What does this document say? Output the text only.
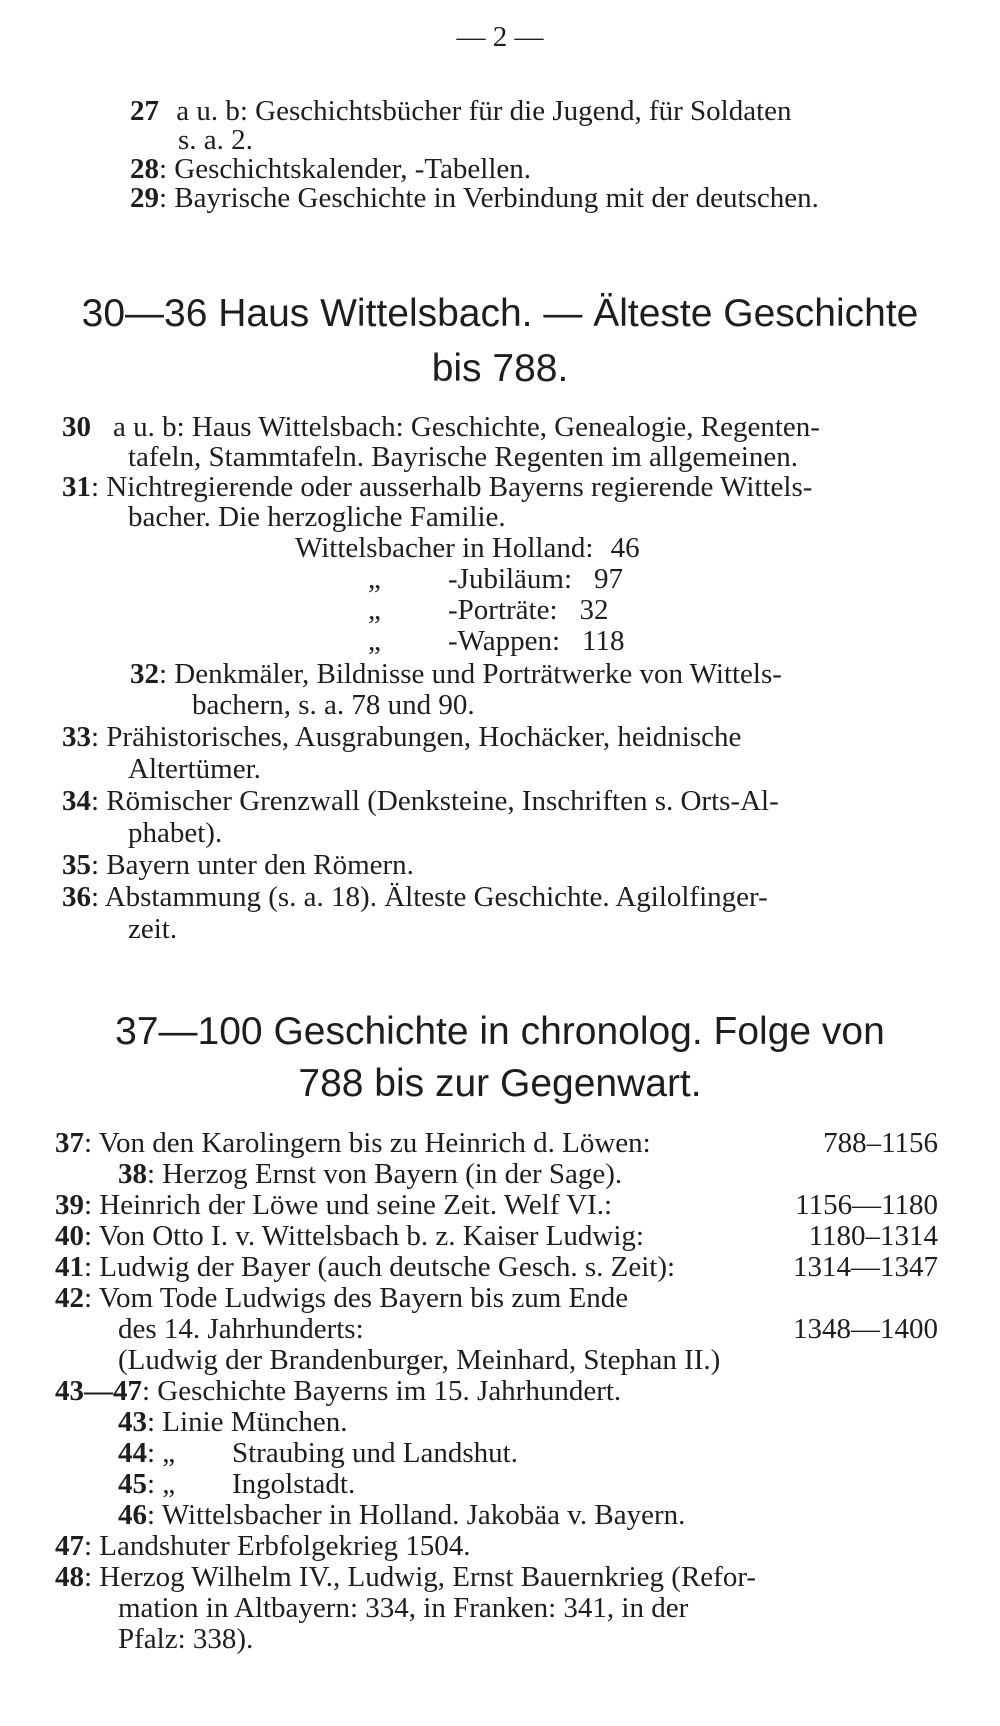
— 2 —
27 a u. b: Geschichtsbücher für die Jugend, für Soldaten
s. a. 2.
28: Geschichtskalender, -Tabellen.
29: Bayrische Geschichte in Verbindung mit der deutschen.
30—36 Haus Wittelsbach. — Älteste Geschichte
bis 788.
30 a u. b: Haus Wittelsbach: Geschichte, Genealogie, Regenten-
tafeln, Stammtafeln. Bayrische Regenten im allgemeinen.
31: Nichtregierende oder ausserhalb Bayerns regierende Wittels-
bacher. Die herzogliche Familie.
Wittelsbacher in Holland: 46
„ -Jubiläum: 97
„ -Porträte: 32
„ -Wappen: 118
32: Denkmäler, Bildnisse und Porträtwerke von Wittels-
bachern, s. a. 78 und 90.
33: Prähistorisches, Ausgrabungen, Hochäcker, heidnische
Altertümer.
34: Römischer Grenzwall (Denksteine, Inschriften s. Orts-Al-
phabet).
35: Bayern unter den Römern.
36: Abstammung (s. a. 18). Älteste Geschichte. Agilolfinger-
zeit.
37—100 Geschichte in chronolog. Folge von
788 bis zur Gegenwart.
37: Von den Karolingern bis zu Heinrich d. Löwen:	788–1156
38: Herzog Ernst von Bayern (in der Sage).
39: Heinrich der Löwe und seine Zeit. Welf VI.:	1156—1180
40: Von Otto I. v. Wittelsbach b. z. Kaiser Ludwig:	1180–1314
41: Ludwig der Bayer (auch deutsche Gesch. s. Zeit):	1314—1347
42: Vom Tode Ludwigs des Bayern bis zum Ende
des 14. Jahrhunderts:	1348—1400
(Ludwig der Brandenburger, Meinhard, Stephan II.)
43—47: Geschichte Bayerns im 15. Jahrhundert.
43: Linie München.
44: „ Straubing und Landshut.
45: „ Ingolstadt.
46: Wittelsbacher in Holland. Jakobäa v. Bayern.
47: Landshuter Erbfolgekrieg 1504.
48: Herzog Wilhelm IV., Ludwig, Ernst Bauernkrieg (Refor-
mation in Altbayern: 334, in Franken: 341, in der
Pfalz: 338).
